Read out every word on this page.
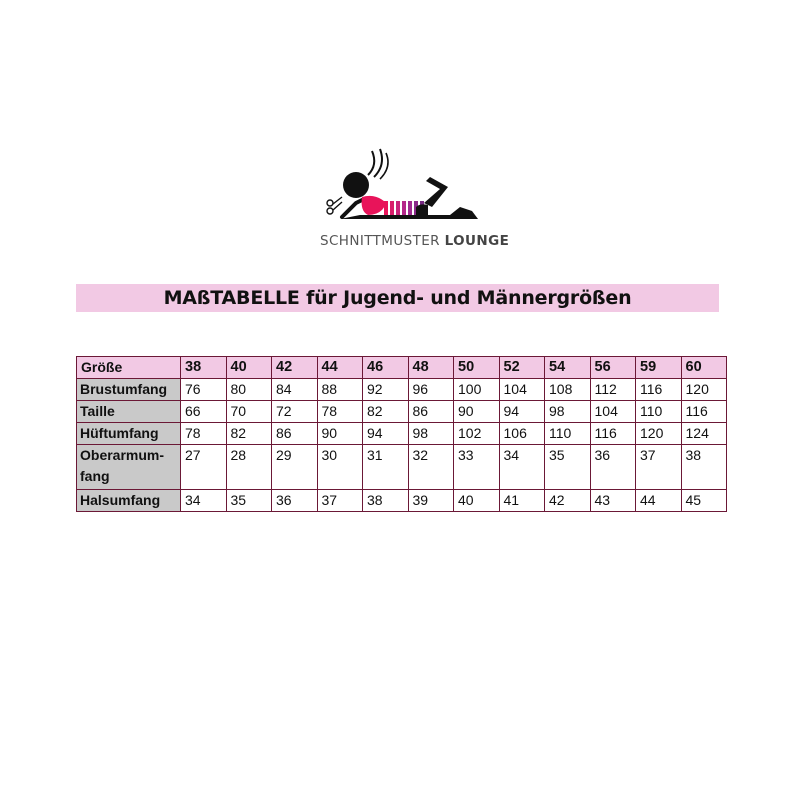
SCHNITTMUSTER LOUNGE
MAßTABELLE für Jugend- und Männergrößen
Größe	38	40	42	44	46	48	50	52	54	56	59	60
Brustumfang	76	80	84	88	92	96	100	104	108	112	116	120
Taille	66	70	72	78	82	86	90	94	98	104	110	116
Hüftumfang	78	82	86	90	94	98	102	106	110	116	120	124
Oberarmum-
fang	27	28	29	30	31	32	33	34	35	36	37	38
Halsumfang	34	35	36	37	38	39	40	41	42	43	44	45
